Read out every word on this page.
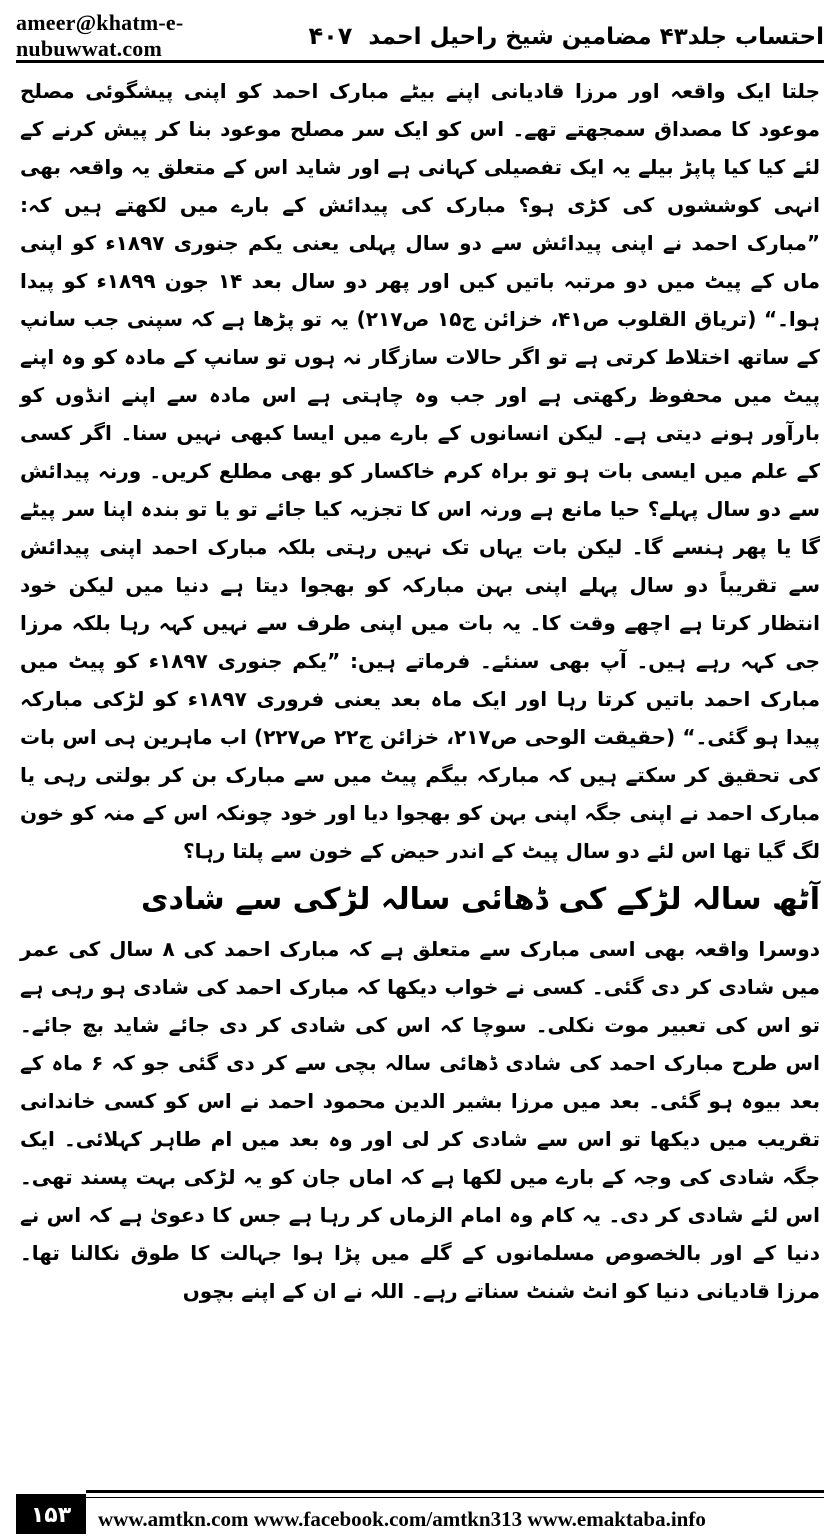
ameer@khatm-e-nubuwwat.com	احتساب جلد۴۳ مضامین شیخ راحیل احمد
۴۰۷

جلتا ایک واقعہ اور مرزا قادیانی اپنے بیٹے مبارک احمد کو اپنی پیشگوئی مصلح موعود کا مصداق سمجھتے تھے۔ اس کو ایک سر مصلح موعود بنا کر پیش کرنے کے لئے کیا کیا پاپڑ بیلے یہ ایک تفصیلی کہانی ہے اور شاید اس کے متعلق یہ واقعہ بھی انہی کوششوں کی کڑی ہو؟ مبارک کی پیدائش کے بارے میں لکھتے ہیں کہ: ”مبارک احمد نے اپنی پیدائش سے دو سال پہلی یعنی یکم جنوری ۱۸۹۷ء کو اپنی ماں کے پیٹ میں دو مرتبہ باتیں کیں اور پھر دو سال بعد ۱۴ جون ۱۸۹۹ء کو پیدا ہوا۔“ (تریاق القلوب ص۴۱، خزائن ج۱۵ ص۲۱۷) یہ تو پڑھا ہے کہ سپنی جب سانپ کے ساتھ اختلاط کرتی ہے تو اگر حالات سازگار نہ ہوں تو سانپ کے مادہ کو وہ اپنے پیٹ میں محفوظ رکھتی ہے اور جب وہ چاہتی ہے اس مادہ سے اپنے انڈوں کو بارآور ہونے دیتی ہے۔ لیکن انسانوں کے بارے میں ایسا کبھی نہیں سنا۔ اگر کسی کے علم میں ایسی بات ہو تو براہ کرم خاکسار کو بھی مطلع کریں۔ ورنہ پیدائش سے دو سال پہلے؟ حیا مانع ہے ورنہ اس کا تجزیہ کیا جائے تو یا تو بندہ اپنا سر پیٹے گا یا پھر ہنسے گا۔ لیکن بات یہاں تک نہیں رہتی بلکہ مبارک احمد اپنی پیدائش سے تقریباً دو سال پہلے اپنی بہن مبارکہ کو بھجوا دیتا ہے دنیا میں لیکن خود انتظار کرتا ہے اچھے وقت کا۔ یہ بات میں اپنی طرف سے نہیں کہہ رہا بلکہ مرزا جی کہہ رہے ہیں۔ آپ بھی سنئے۔ فرماتے ہیں: ”یکم جنوری ۱۸۹۷ء کو پیٹ میں مبارک احمد باتیں کرتا رہا اور ایک ماہ بعد یعنی فروری ۱۸۹۷ء کو لڑکی مبارکہ پیدا ہو گئی۔“ (حقیقت الوحی ص۲۱۷، خزائن ج۲۲ ص۲۲۷) اب ماہرین ہی اس بات کی تحقیق کر سکتے ہیں کہ مبارکہ بیگم پیٹ میں سے مبارک بن کر بولتی رہی یا مبارک احمد نے اپنی جگہ اپنی بہن کو بھجوا دیا اور خود چونکہ اس کے منہ کو خون لگ گیا تھا اس لئے دو سال پیٹ کے اندر حیض کے خون سے پلتا رہا؟

آٹھ سالہ لڑکے کی ڈھائی سالہ لڑکی سے شادی

دوسرا واقعہ بھی اسی مبارک سے متعلق ہے کہ مبارک احمد کی ۸ سال کی عمر میں شادی کر دی گئی۔ کسی نے خواب دیکھا کہ مبارک احمد کی شادی ہو رہی ہے تو اس کی تعبیر موت نکلی۔ سوچا کہ اس کی شادی کر دی جائے شاید بچ جائے۔ اس طرح مبارک احمد کی شادی ڈھائی سالہ بچی سے کر دی گئی جو کہ ۶ ماہ کے بعد بیوہ ہو گئی۔ بعد میں مرزا بشیر الدین محمود احمد نے اس کو کسی خاندانی تقریب میں دیکھا تو اس سے شادی کر لی اور وہ بعد میں ام طاہر کہلائی۔ ایک جگہ شادی کی وجہ کے بارے میں لکھا ہے کہ اماں جان کو یہ لڑکی بہت پسند تھی۔ اس لئے شادی کر دی۔ یہ کام وہ امام الزماں کر رہا ہے جس کا دعویٰ ہے کہ اس نے دنیا کے اور بالخصوص مسلمانوں کے گلے میں پڑا ہوا جہالت کا طوق نکالنا تھا۔ مرزا قادیانی دنیا کو انٹ شنٹ سناتے رہے۔ اللہ نے ان کے اپنے بچوں

۱۵۳	www.amtkn.com www.facebook.com/amtkn313 www.emaktaba.info
